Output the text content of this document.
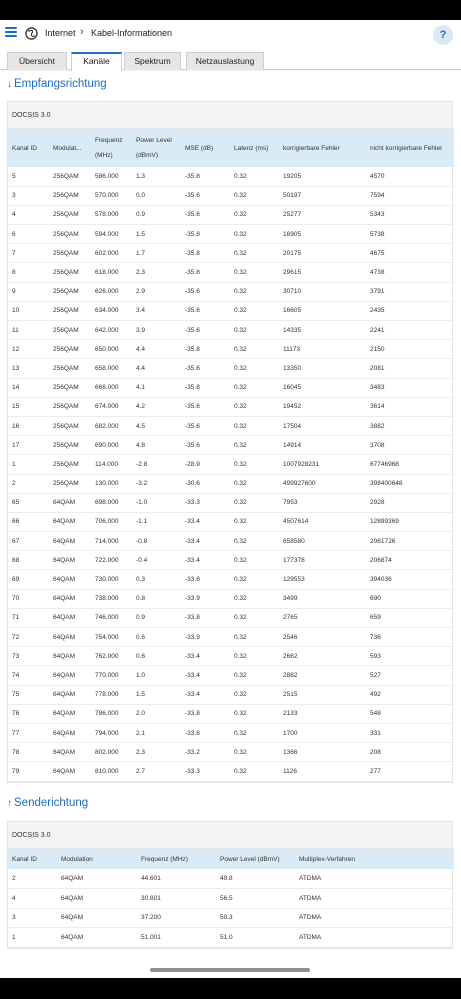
Internet › Kabel-Informationen	?
Übersicht	Kanäle	Spektrum	Netzauslastung
↓ Empfangsrichtung
DOCSIS 3.0
Kanal ID	Modulat...	Frequenz (MHz)	Power Level (dBmV)	MSE (dB)	Latenz (ms)	korrigierbare Fehler	nicht korrigierbare Fehler
5	256QAM	586.000	1.3	-35.8	0.32	19205	4570
3	256QAM	570.000	0.0	-35.6	0.32	50197	7594
4	256QAM	578.000	0.9	-35.6	0.32	25277	5343
6	256QAM	594.000	1.5	-35.8	0.32	16905	5738
7	256QAM	602.000	1.7	-35.8	0.32	20175	4675
8	256QAM	618.000	2.3	-35.8	0.32	29615	4738
9	256QAM	626.000	2.9	-35.6	0.32	30710	3791
10	256QAM	634.000	3.4	-35.6	0.32	16605	2435
11	256QAM	642.000	3.9	-35.6	0.32	14335	2241
12	256QAM	650.000	4.4	-35.8	0.32	11173	2150
13	256QAM	658.000	4.4	-35.6	0.32	13350	2081
14	256QAM	666.000	4.1	-35.8	0.32	16045	3483
15	256QAM	674.000	4.2	-35.6	0.32	19452	3614
16	256QAM	682.000	4.5	-35.6	0.32	17504	3882
17	256QAM	690.000	4.8	-35.6	0.32	14914	3708
1	256QAM	114.000	-2.8	-28.9	0.32	1007928231	67746968
2	256QAM	130.000	-3.2	-30.6	0.32	499927600	398400648
65	64QAM	698.000	-1.0	-33.3	0.32	7953	2928
66	64QAM	706.000	-1.1	-33.4	0.32	4507614	12899369
67	64QAM	714.000	-0.8	-33.4	0.32	658580	2061726
68	64QAM	722.000	-0.4	-33.4	0.32	177378	206874
69	64QAM	730.000	0.3	-33.8	0.32	129553	394036
70	64QAM	738.000	0.8	-33.9	0.32	3499	690
71	64QAM	746.000	0.9	-33.8	0.32	2765	659
72	64QAM	754.000	0.6	-33.9	0.32	2546	736
73	64QAM	762.000	0.6	-33.4	0.32	2662	593
74	64QAM	770.000	1.0	-33.4	0.32	2882	527
75	64QAM	778.000	1.5	-33.4	0.32	2515	492
76	64QAM	786.000	2.0	-33.8	0.32	2133	548
77	64QAM	794.000	2.1	-33.8	0.32	1700	331
78	64QAM	802.000	2.3	-33.2	0.32	1366	208
79	64QAM	810.000	2.7	-33.3	0.32	1126	277
↑ Senderichtung
DOCSIS 3.0
Kanal ID	Modulation	Frequenz (MHz)	Power Level (dBmV)	Multiplex-Verfahren
2	64QAM	44.601	49.8	ATDMA
4	64QAM	30.801	56.5	ATDMA
3	64QAM	37.200	50.3	ATDMA
1	64QAM	51.001	51.0	ATDMA
